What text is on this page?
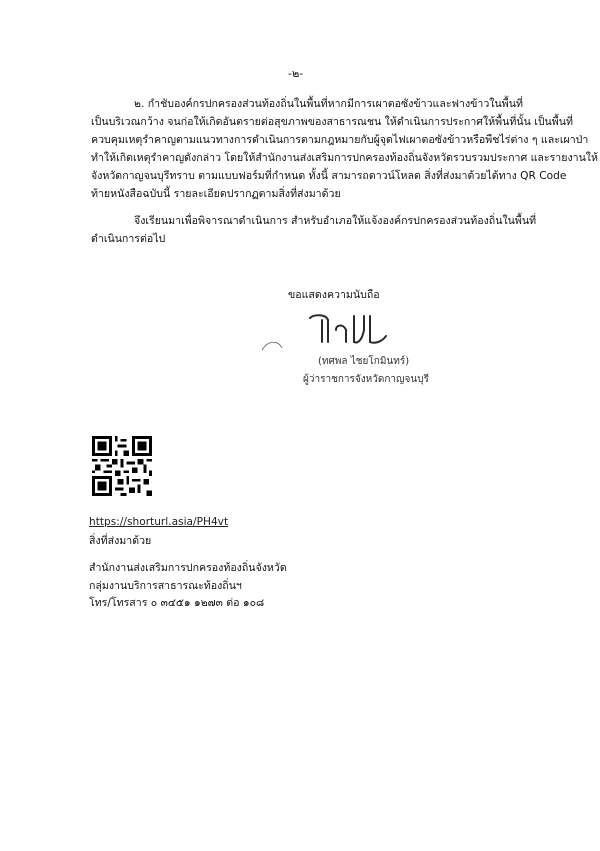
-๒-
๒. กำชับองค์กรปกครองส่วนท้องถิ่นในพื้นที่หากมีการเผาตอซังข้าวและฟางข้าวในพื้นที่
เป็นบริเวณกว้าง จนก่อให้เกิดอันตรายต่อสุขภาพของสาธารณชน ให้ดำเนินการประกาศให้พื้นที่นั้น เป็นพื้นที่
ควบคุมเหตุรำคาญตามแนวทางการดำเนินการตามกฎหมายกับผู้จุดไฟเผาตอซังข้าวหรือพืชไร่ต่าง ๆ และเผาป่า
ทำให้เกิดเหตุรำคาญดังกล่าว โดยให้สำนักงานส่งเสริมการปกครองท้องถิ่นจังหวัดรวบรวมประกาศ และรายงานให้
จังหวัดกาญจนบุรีทราบ ตามแบบฟอร์มที่กำหนด ทั้งนี้ สามารถดาวน์โหลด สิ่งที่ส่งมาด้วยได้ทาง QR Code
ท้ายหนังสือฉบับนี้ รายละเอียดปรากฏตามสิ่งที่ส่งมาด้วย
จึงเรียนมาเพื่อพิจารณาดำเนินการ สำหรับอำเภอให้แจ้งองค์กรปกครองส่วนท้องถิ่นในพื้นที่
ดำเนินการต่อไป
ขอแสดงความนับถือ
(ทศพล ไชยโกมินทร์)
ผู้ว่าราชการจังหวัดกาญจนบุรี
https://shorturl.asia/PH4vt
สิ่งที่ส่งมาด้วย
สำนักงานส่งเสริมการปกครองท้องถิ่นจังหวัด
กลุ่มงานบริการสาธารณะท้องถิ่นฯ
โทร/โทรสาร ๐ ๓๔๕๑ ๑๒๗๓ ต่อ ๑๐๘
